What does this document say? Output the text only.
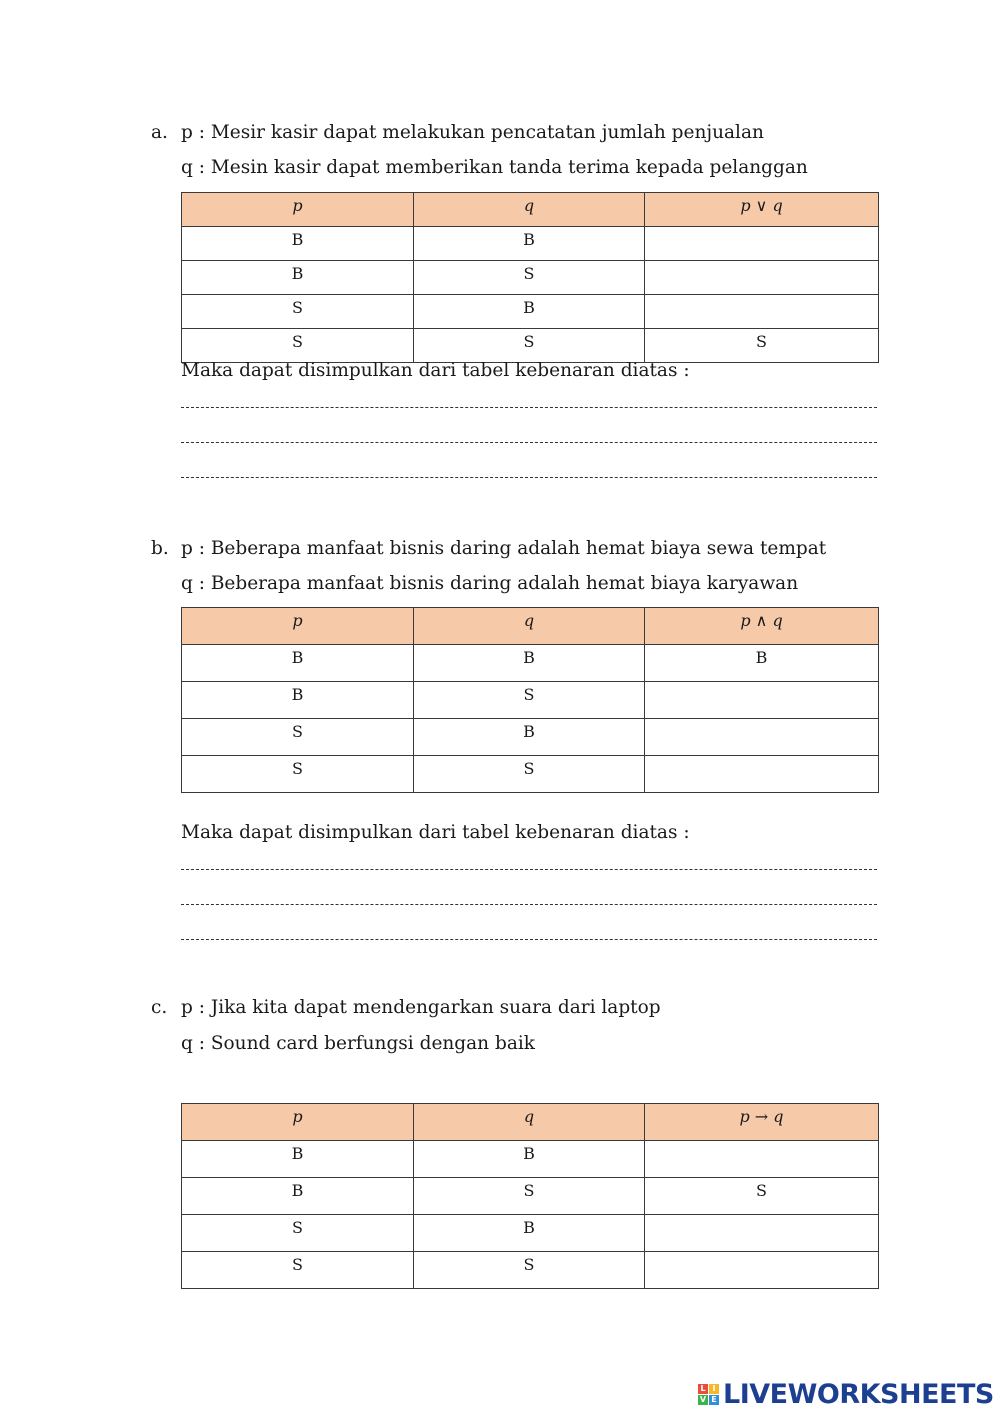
a. p : Mesir kasir dapat melakukan pencatatan jumlah penjualan
q : Mesin kasir dapat memberikan tanda terima kepada pelanggan
p	q	p ∨ q
B	B	
B	S	
S	B	
S	S	S
Maka dapat disimpulkan dari tabel kebenaran diatas :
b. p : Beberapa manfaat bisnis daring adalah hemat biaya sewa tempat
q : Beberapa manfaat bisnis daring adalah hemat biaya karyawan
p	q	p ∧ q
B	B	B
B	S	
S	B	
S	S	
Maka dapat disimpulkan dari tabel kebenaran diatas :
c. p : Jika kita dapat mendengarkan suara dari laptop
q : Sound card berfungsi dengan baik
p	q	p → q
B	B	
B	S	S
S	B	
S	S	
L I
V E LIVEWORKSHEETS
